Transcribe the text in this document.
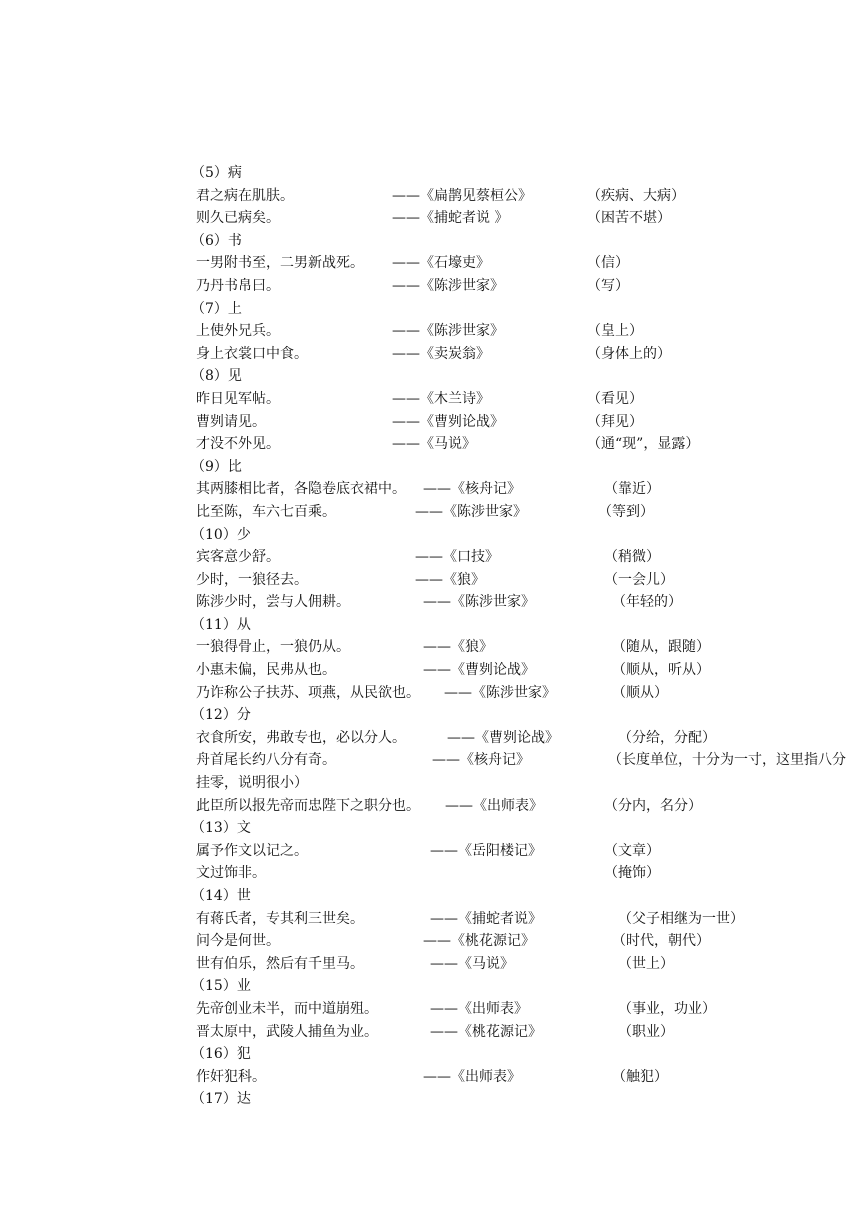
（5）病
君之病在肌肤。	——《扁鹊见蔡桓公》	（疾病、大病）
则久已病矣。	——《捕蛇者说 》	（困苦不堪）
（6）书
一男附书至，二男新战死。 ——《石壕吏》	（信）
乃丹书帛曰。	——《陈涉世家》	（写）
（7）上
上使外兄兵。	——《陈涉世家》	（皇上）
身上衣裳口中食。	——《卖炭翁》	（身体上的）
（8）见
昨日见军帖。	——《木兰诗》	（看见）
曹刿请见。	——《曹刿论战》	（拜见）
才没不外见。	——《马说》	（通“现”，显露）
（9）比
其两膝相比者，各隐卷底衣裙中。 ——《核舟记》	（靠近）
比至陈，车六七百乘。	——《陈涉世家》	（等到）
（10）少
宾客意少舒。	——《口技》	（稍微）
少时，一狼径去。	——《狼》	（一会儿）
陈涉少时，尝与人佣耕。	——《陈涉世家》	（年轻的）
（11）从
一狼得骨止，一狼仍从。	——《狼》	（随从，跟随）
小惠未偏，民弗从也。	——《曹刿论战》	（顺从，听从）
乃诈称公子扶苏、项燕，从民欲也。 ——《陈涉世家》	（顺从）
（12）分
衣食所安，弗敢专也，必以分人。	——《曹刿论战》	（分给，分配）
舟首尾长约八分有奇。	——《核舟记》	（长度单位，十分为一寸，这里指八分
挂零，说明很小）
此臣所以报先帝而忠陛下之职分也。 ——《出师表》	（分内，名分）
（13）文
属予作文以记之。	——《岳阳楼记》	（文章）
文过饰非。	（掩饰）
（14）世
有蒋氏者，专其利三世矣。	——《捕蛇者说》	（父子相继为一世）
问今是何世。	——《桃花源记》	（时代，朝代）
世有伯乐，然后有千里马。	——《马说》	（世上）
（15）业
先帝创业未半，而中道崩殂。	——《出师表》	（事业，功业）
晋太原中，武陵人捕鱼为业。	——《桃花源记》	（职业）
（16）犯
作奸犯科。	——《出师表》	（触犯）
（17）达
